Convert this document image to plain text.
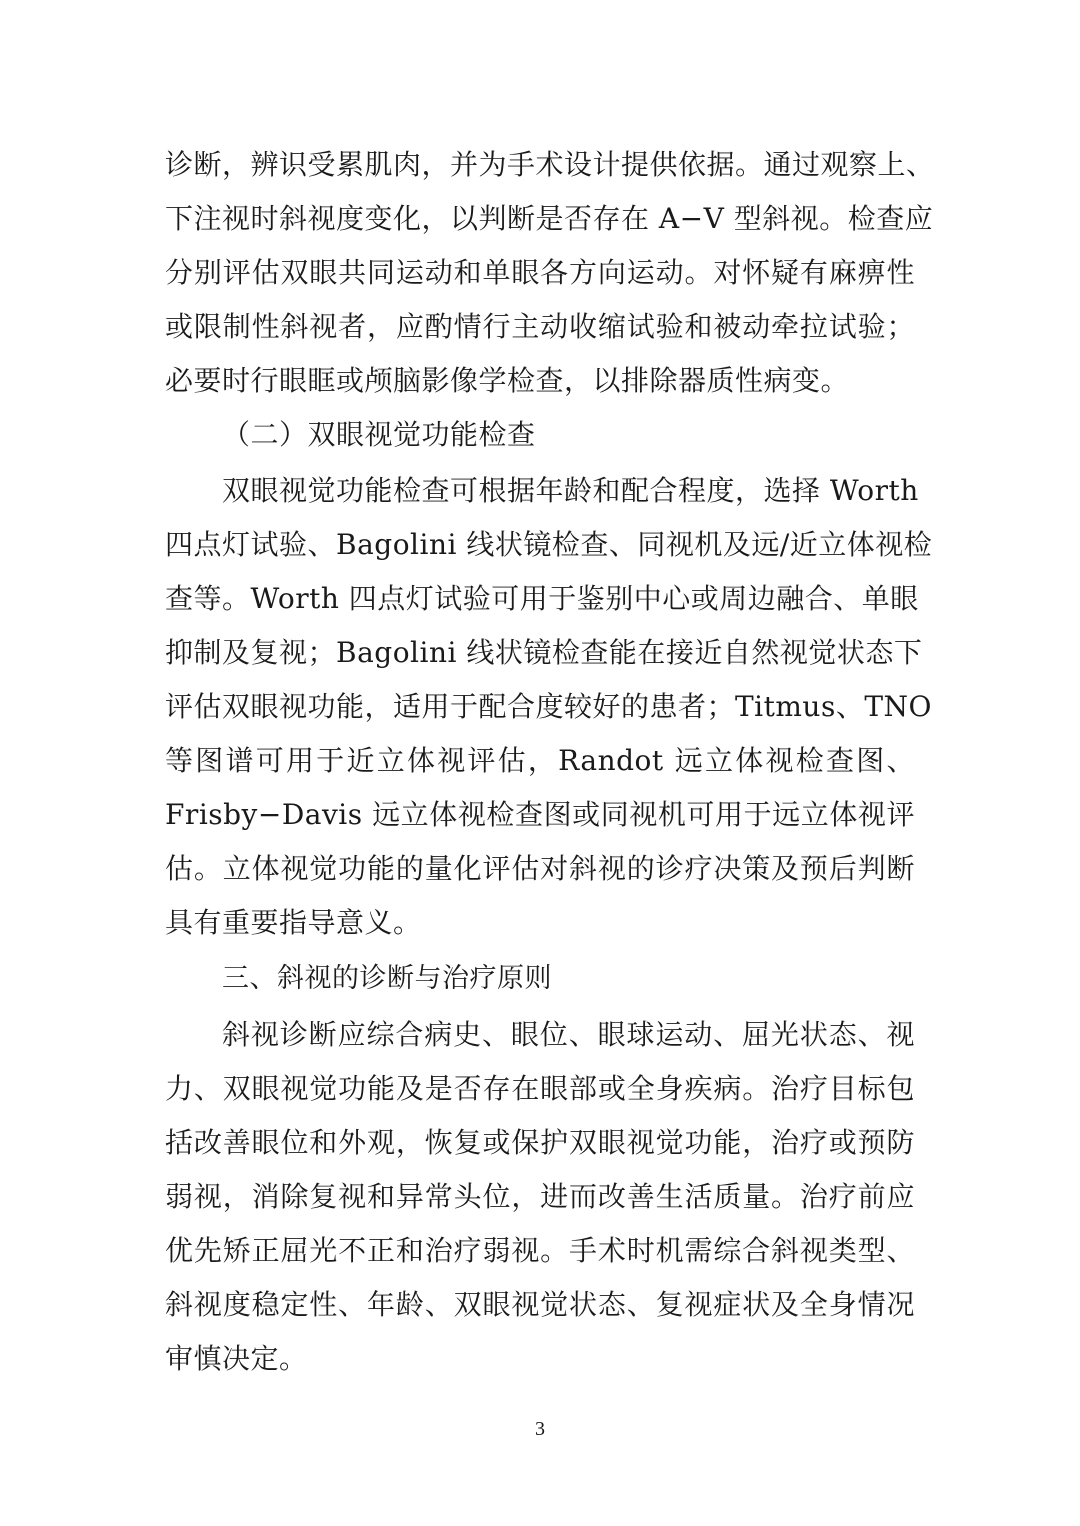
诊断，辨识受累肌肉，并为手术设计提供依据。通过观察上、
下注视时斜视度变化，以判断是否存在 A−V 型斜视。检查应
分别评估双眼共同运动和单眼各方向运动。对怀疑有麻痹性
或限制性斜视者，应酌情行主动收缩试验和被动牵拉试验；
必要时行眼眶或颅脑影像学检查，以排除器质性病变。
（二）双眼视觉功能检查
双眼视觉功能检查可根据年龄和配合程度，选择 Worth
四点灯试验、Bagolini 线状镜检查、同视机及远/近立体视检
查等。Worth 四点灯试验可用于鉴别中心或周边融合、单眼
抑制及复视；Bagolini 线状镜检查能在接近自然视觉状态下
评估双眼视功能，适用于配合度较好的患者；Titmus、TNO
等图谱可用于近立体视评估，Randot 远立体视检查图、
Frisby−Davis 远立体视检查图或同视机可用于远立体视评
估。立体视觉功能的量化评估对斜视的诊疗决策及预后判断
具有重要指导意义。
三、斜视的诊断与治疗原则
斜视诊断应综合病史、眼位、眼球运动、屈光状态、视
力、双眼视觉功能及是否存在眼部或全身疾病。治疗目标包
括改善眼位和外观，恢复或保护双眼视觉功能，治疗或预防
弱视，消除复视和异常头位，进而改善生活质量。治疗前应
优先矫正屈光不正和治疗弱视。手术时机需综合斜视类型、
斜视度稳定性、年龄、双眼视觉状态、复视症状及全身情况
审慎决定。
3
